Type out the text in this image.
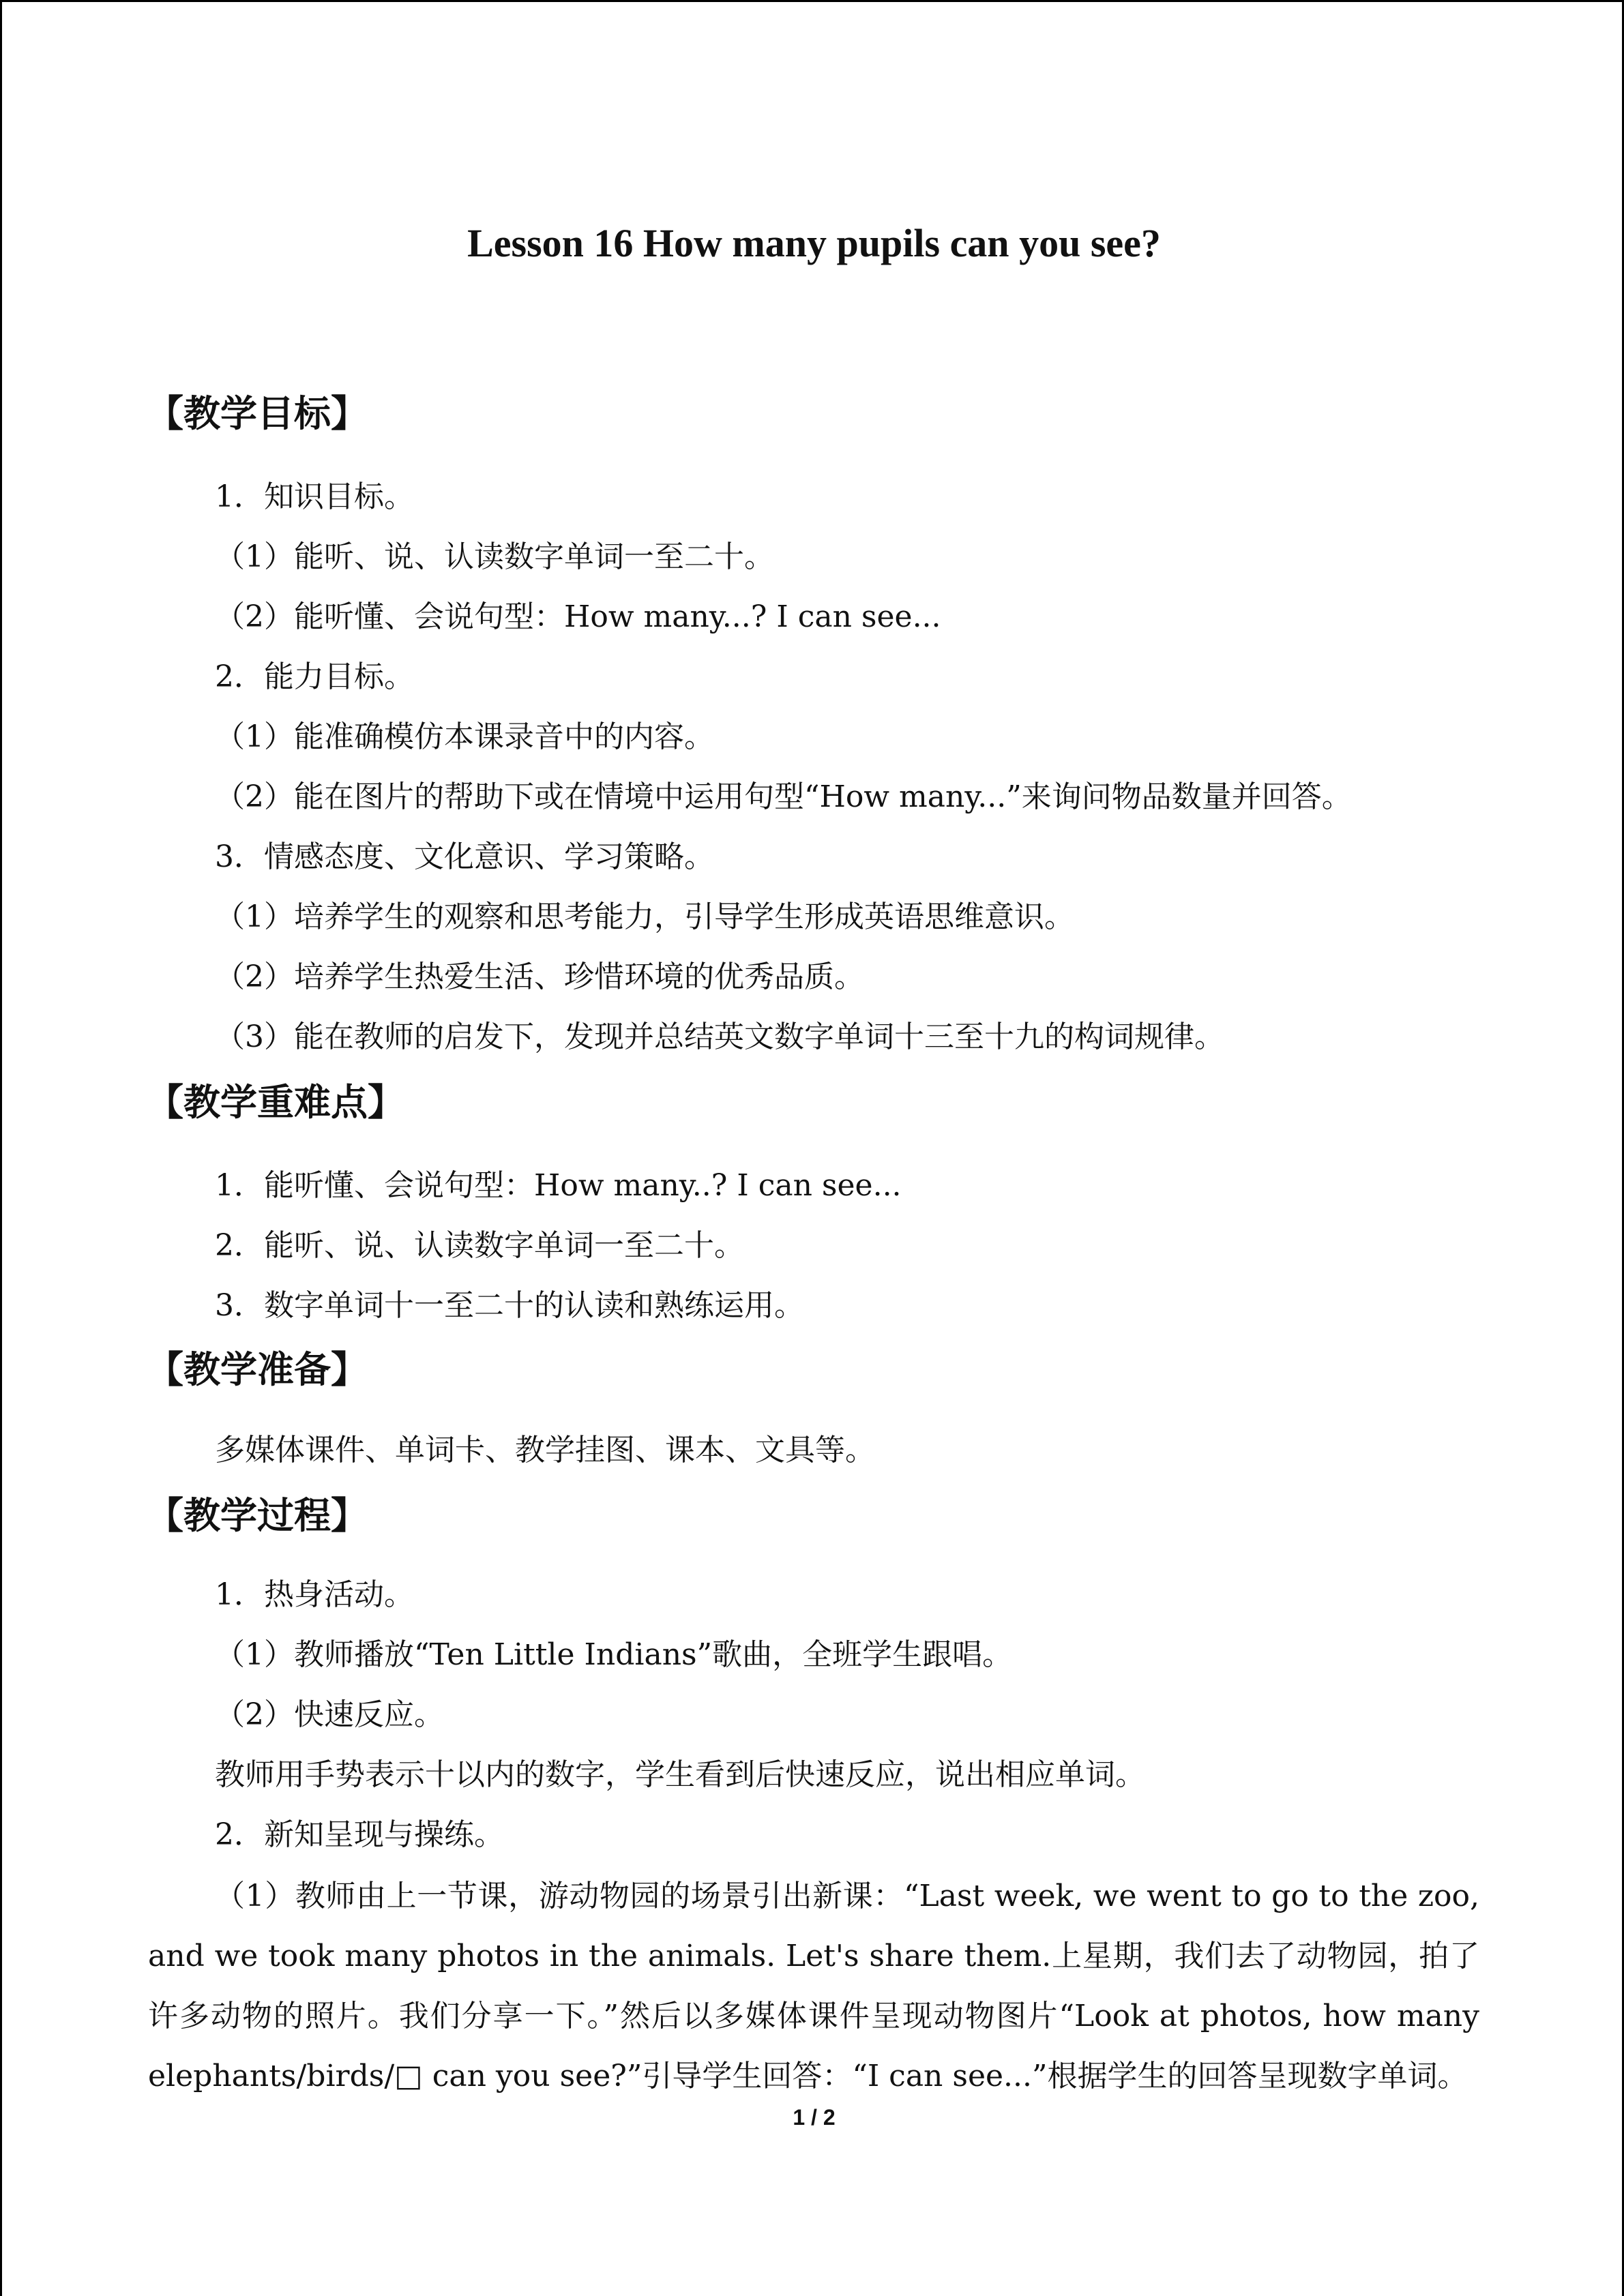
Lesson 16 How many pupils can you see?
【教学目标】
1．知识目标。
（1）能听、说、认读数字单词一至二十。
（2）能听懂、会说句型：How many...? I can see...
2．能力目标。
（1）能准确模仿本课录音中的内容。
（2）能在图片的帮助下或在情境中运用句型“How many...”来询问物品数量并回答。
3．情感态度、文化意识、学习策略。
（1）培养学生的观察和思考能力，引导学生形成英语思维意识。
（2）培养学生热爱生活、珍惜环境的优秀品质。
（3）能在教师的启发下，发现并总结英文数字单词十三至十九的构词规律。
【教学重难点】
1．能听懂、会说句型：How many..? I can see...
2．能听、说、认读数字单词一至二十。
3．数字单词十一至二十的认读和熟练运用。
【教学准备】
多媒体课件、单词卡、教学挂图、课本、文具等。
【教学过程】
1．热身活动。
（1）教师播放“Ten Little Indians”歌曲，全班学生跟唱。
（2）快速反应。
教师用手势表示十以内的数字，学生看到后快速反应，说出相应单词。
2．新知呈现与操练。
（1）教师由上一节课，游动物园的场景引出新课：“Last week, we went to go to the zoo, and we took many photos in the animals. Let's share them.上星期，我们去了动物园，拍了许多动物的照片。我们分享一下。”然后以多媒体课件呈现动物图片“Look at photos, how many elephants/birds/□ can you see?”引导学生回答：“I can see...”根据学生的回答呈现数字单词。
1 / 2
